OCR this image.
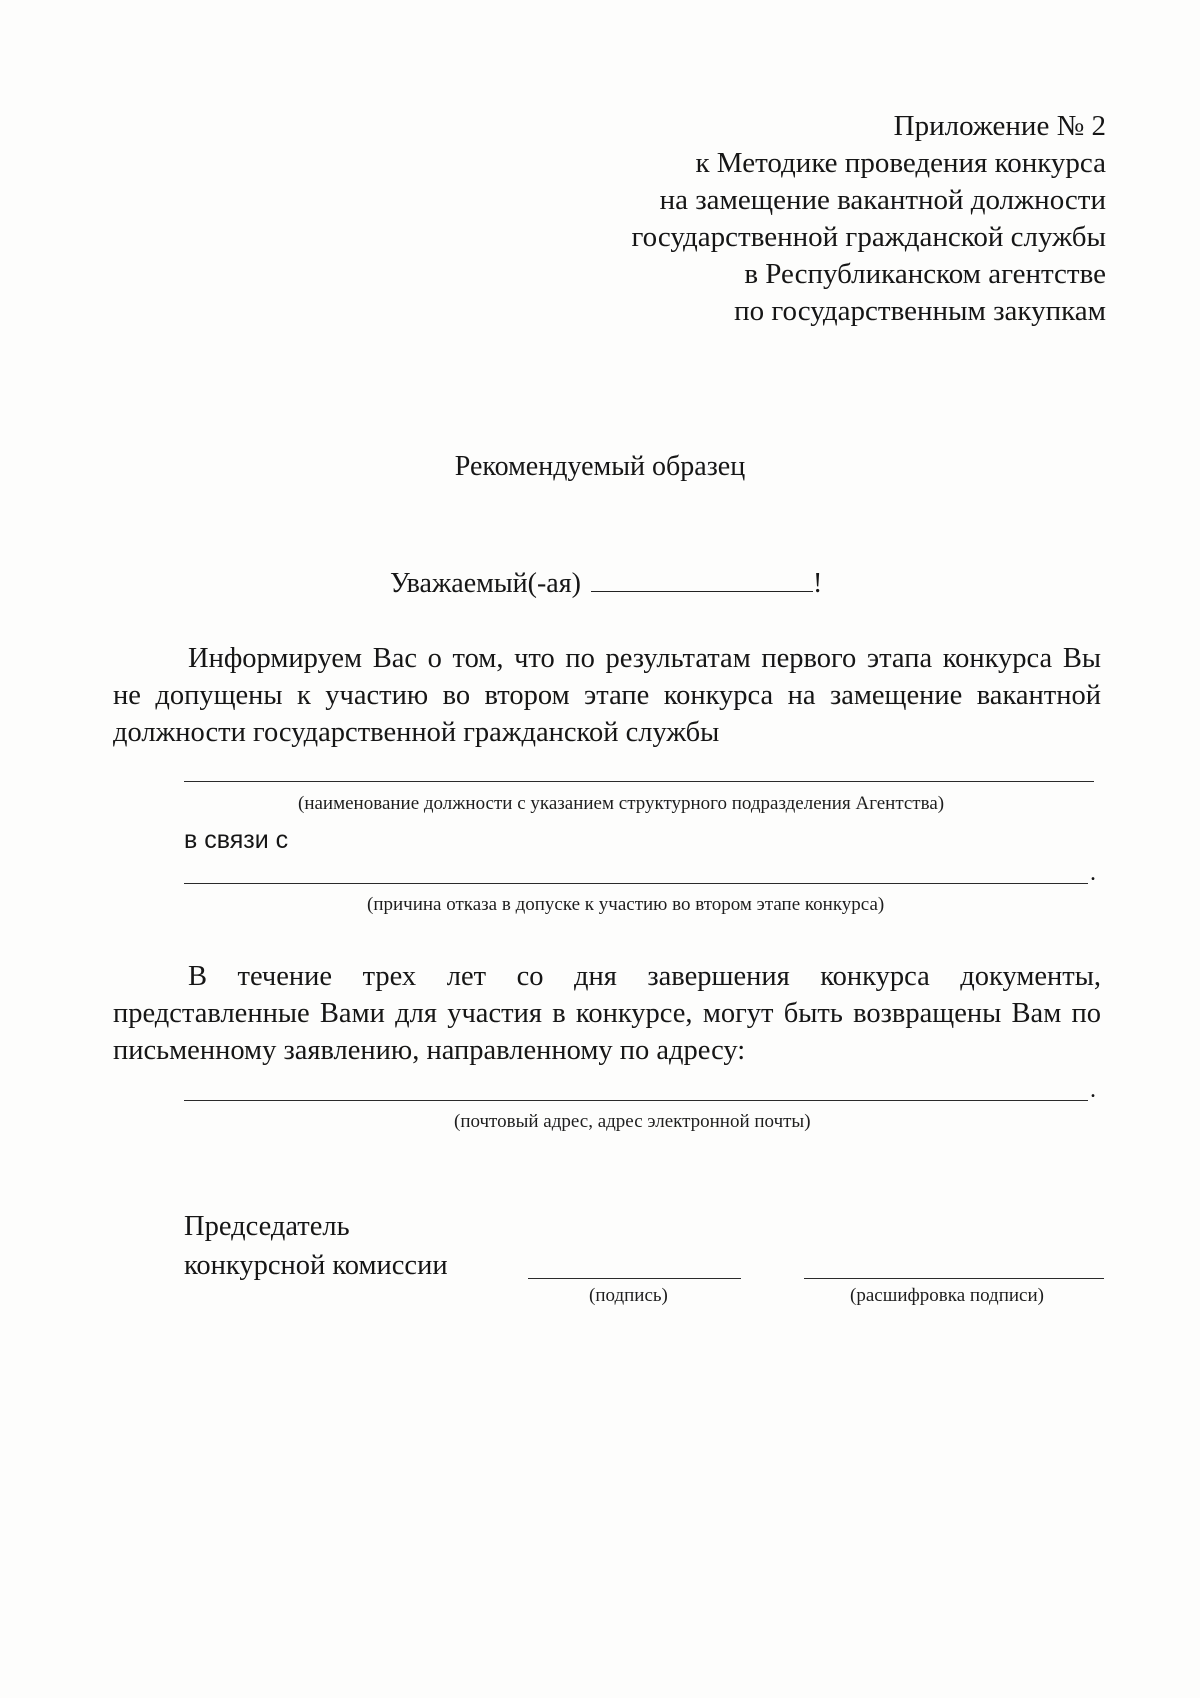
Приложение № 2
к Методике проведения конкурса
на замещение вакантной должности
государственной гражданской службы
в Республиканском агентстве
по государственным закупкам
Рекомендуемый образец
Уважаемый(-ая)	!
Информируем Вас о том, что по результатам первого этапа конкурса Вы не допущены к участию во втором этапе конкурса на замещение вакантной должности государственной гражданской службы
(наименование должности с указанием структурного подразделения Агентства)
в связи с
.
(причина отказа в допуске к участию во втором этапе конкурса)
В течение трех лет со дня завершения конкурса документы, представленные Вами для участия в конкурсе, могут быть возвращены Вам по письменному заявлению, направленному по адресу:
.
(почтовый адрес, адрес электронной почты)
Председатель
конкурсной комиссии
(подпись)	(расшифровка подписи)
